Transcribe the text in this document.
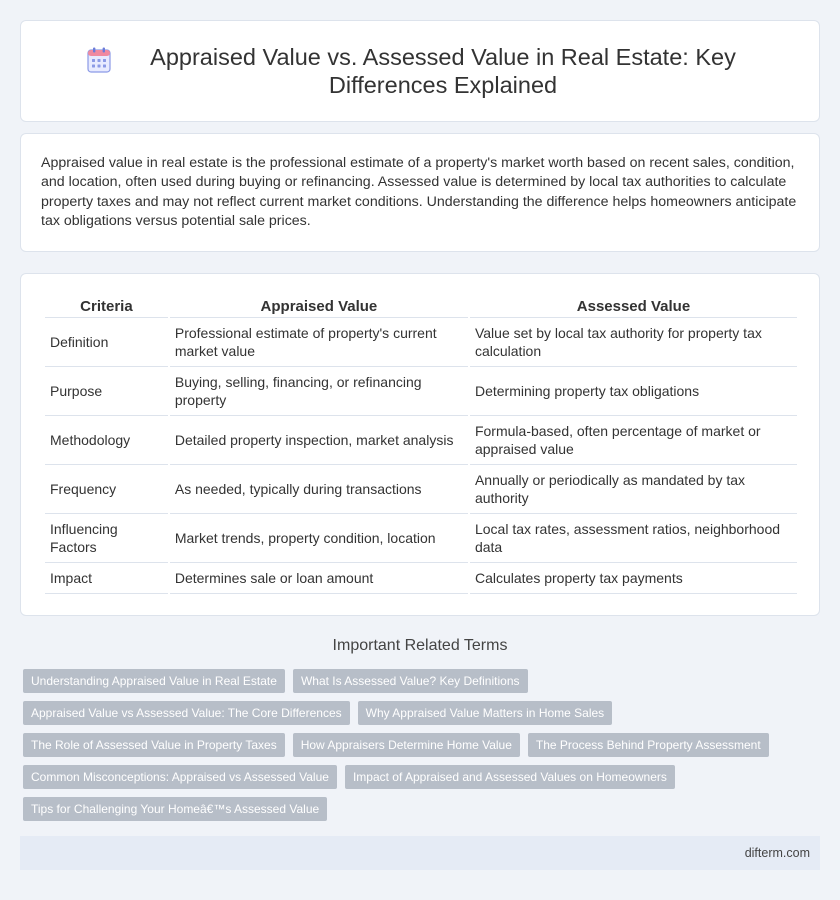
Appraised Value vs. Assessed Value in Real Estate: Key Differences Explained

Appraised value in real estate is the professional estimate of a property's market worth based on recent sales, condition, and location, often used during buying or refinancing. Assessed value is determined by local tax authorities to calculate property taxes and may not reflect current market conditions. Understanding the difference helps homeowners anticipate tax obligations versus potential sale prices.

Criteria	Appraised Value	Assessed Value
Definition	Professional estimate of property's current market value	Value set by local tax authority for property tax calculation
Purpose	Buying, selling, financing, or refinancing property	Determining property tax obligations
Methodology	Detailed property inspection, market analysis	Formula-based, often percentage of market or appraised value
Frequency	As needed, typically during transactions	Annually or periodically as mandated by tax authority
Influencing Factors	Market trends, property condition, location	Local tax rates, assessment ratios, neighborhood data
Impact	Determines sale or loan amount	Calculates property tax payments
Important Related Terms
Understanding Appraised Value in Real Estate	What Is Assessed Value? Key Definitions
Appraised Value vs Assessed Value: The Core Differences	Why Appraised Value Matters in Home Sales
The Role of Assessed Value in Property Taxes	How Appraisers Determine Home Value	The Process Behind Property Assessment
Common Misconceptions: Appraised vs Assessed Value	Impact of Appraised and Assessed Values on Homeowners
Tips for Challenging Your Homeâ€™s Assessed Value
difterm.com
